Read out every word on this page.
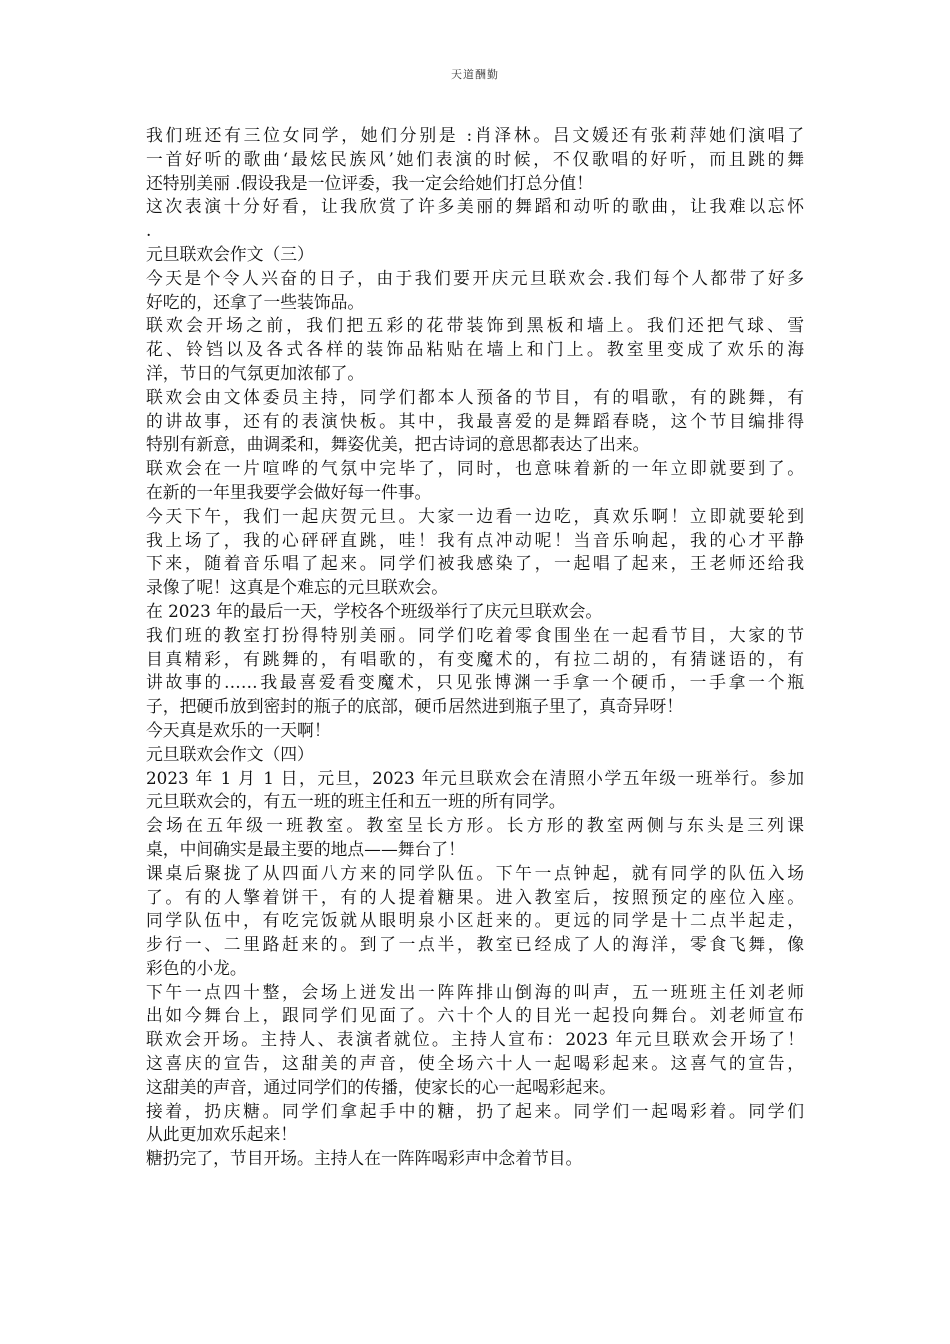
天道酬勤
我们班还有三位女同学，她们分别是 :肖泽林。吕文媛还有张莉萍她们演唱了
一首好听的歌曲‘最炫民族风’她们表演的时候，不仅歌唱的好听，而且跳的舞
还特别美丽 .假设我是一位评委，我一定会给她们打总分值！
这次表演十分好看，让我欣赏了许多美丽的舞蹈和动听的歌曲，让我难以忘怀
.
元旦联欢会作文（三）
今天是个令人兴奋的日子，由于我们要开庆元旦联欢会.我们每个人都带了好多
好吃的，还拿了一些装饰品。
联欢会开场之前，我们把五彩的花带装饰到黑板和墙上。我们还把气球、雪
花、铃铛以及各式各样的装饰品粘贴在墙上和门上。教室里变成了欢乐的海
洋，节日的气氛更加浓郁了。
联欢会由文体委员主持，同学们都本人预备的节目，有的唱歌，有的跳舞，有
的讲故事，还有的表演快板。其中，我最喜爱的是舞蹈春晓，这个节目编排得
特别有新意，曲调柔和，舞姿优美，把古诗词的意思都表达了出来。
联欢会在一片喧哗的气氛中完毕了，同时，也意味着新的一年立即就要到了。
在新的一年里我要学会做好每一件事。
今天下午，我们一起庆贺元旦。大家一边看一边吃，真欢乐啊！立即就要轮到
我上场了，我的心砰砰直跳，哇！我有点冲动呢！当音乐响起，我的心才平静
下来，随着音乐唱了起来。同学们被我感染了，一起唱了起来，王老师还给我
录像了呢！这真是个难忘的元旦联欢会。
在 2023 年的最后一天，学校各个班级举行了庆元旦联欢会。
我们班的教室打扮得特别美丽。同学们吃着零食围坐在一起看节目，大家的节
目真精彩，有跳舞的，有唱歌的，有变魔术的，有拉二胡的，有猜谜语的，有
讲故事的……我最喜爱看变魔术，只见张博渊一手拿一个硬币，一手拿一个瓶
子，把硬币放到密封的瓶子的底部，硬币居然进到瓶子里了，真奇异呀！
今天真是欢乐的一天啊！
元旦联欢会作文（四）
2023 年 1 月 1 日，元旦，2023 年元旦联欢会在清照小学五年级一班举行。参加
元旦联欢会的，有五一班的班主任和五一班的所有同学。
会场在五年级一班教室。教室呈长方形。长方形的教室两侧与东头是三列课
桌，中间确实是最主要的地点——舞台了！
课桌后聚拢了从四面八方来的同学队伍。下午一点钟起，就有同学的队伍入场
了。有的人擎着饼干，有的人提着糖果。进入教室后，按照预定的座位入座。
同学队伍中，有吃完饭就从眼明泉小区赶来的。更远的同学是十二点半起走，
步行一、二里路赶来的。到了一点半，教室已经成了人的海洋，零食飞舞，像
彩色的小龙。
下午一点四十整，会场上迸发出一阵阵排山倒海的叫声，五一班班主任刘老师
出如今舞台上，跟同学们见面了。六十个人的目光一起投向舞台。刘老师宣布
联欢会开场。主持人、表演者就位。主持人宣布：2023 年元旦联欢会开场了！
这喜庆的宣告，这甜美的声音，使全场六十人一起喝彩起来。这喜气的宣告，
这甜美的声音，通过同学们的传播，使家长的心一起喝彩起来。
接着，扔庆糖。同学们拿起手中的糖，扔了起来。同学们一起喝彩着。同学们
从此更加欢乐起来！
糖扔完了，节目开场。主持人在一阵阵喝彩声中念着节目。
